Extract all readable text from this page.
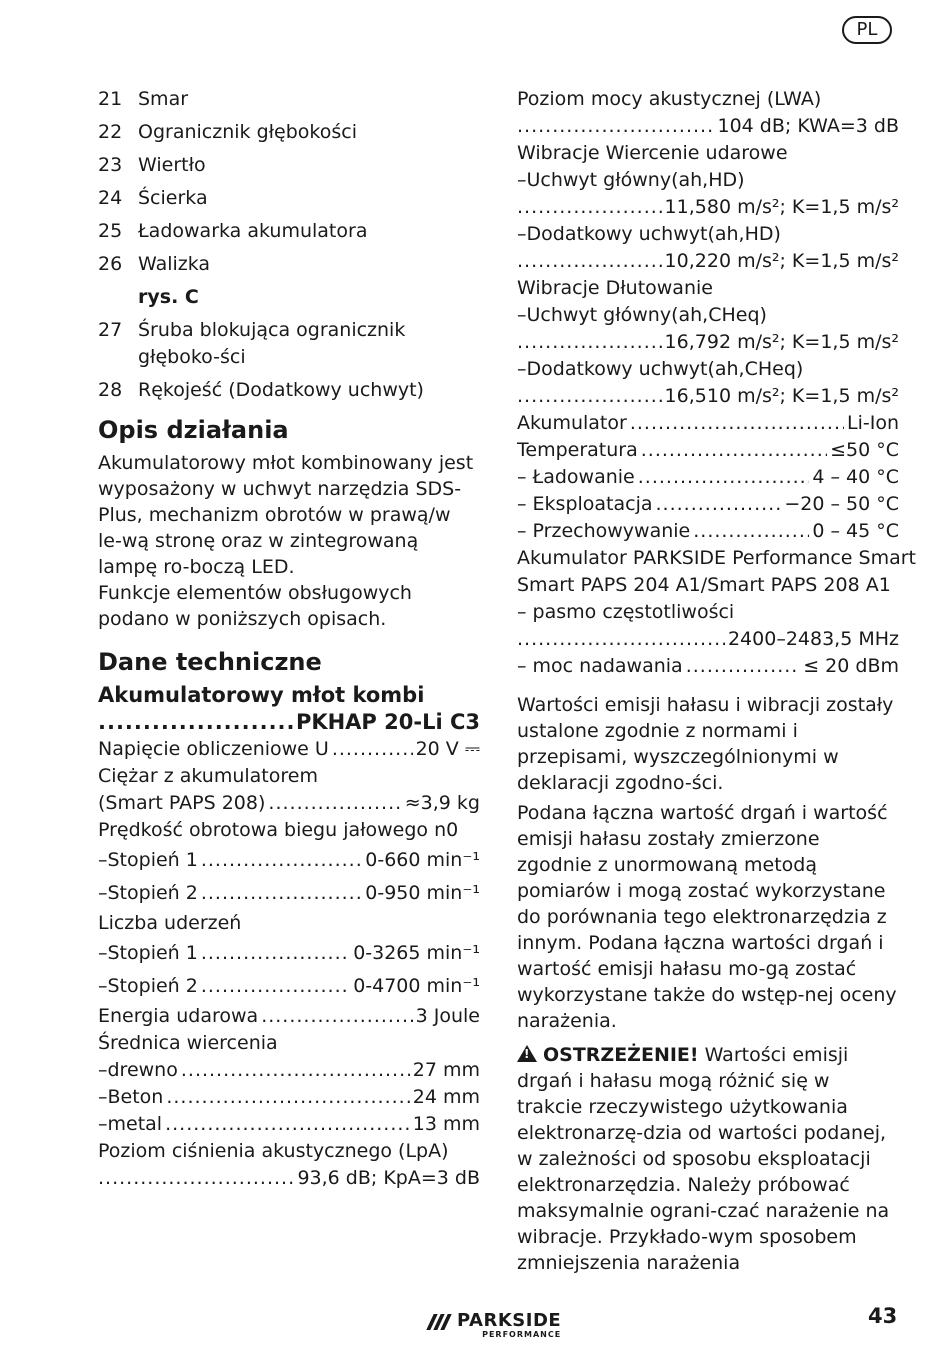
PL
21 Smar
22 Ogranicznik głębokości
23 Wiertło
24 Ścierka
25 Ładowarka akumulatora
26 Walizka
rys. C
27 Śruba blokująca ogranicznik głęboko-ści
28 Rękojeść (Dodatkowy uchwyt)
Opis działania

Akumulatorowy młot kombinowany jest wyposażony w uchwyt narzędzia SDS-Plus, mechanizm obrotów w prawą/w le-wą stronę oraz w zintegrowaną lampę ro-boczą LED.

Funkcje elementów obsługowych podano w poniższych opisach.

Dane techniczne
Akumulatorowy młot kombi
.....
PKHAP 20-Li C3
Napięcie obliczeniowe U .....	20 V ⎓
Ciężar z akumulatorem
(Smart PAPS 208) .....	≈3,9 kg
Prędkość obrotowa biegu jałowego n0
–Stopień 1 .....	0-660 min⁻¹
–Stopień 2 .....	0-950 min⁻¹
Liczba uderzeń
–Stopień 1 .....	0-3265 min⁻¹
–Stopień 2 .....	0-4700 min⁻¹
Energia udarowa .....	3 Joule
Średnica wiercenia
–drewno .....	27 mm
–Beton .....	24 mm
–metal .....	13 mm
Poziom ciśnienia akustycznego (LpA)
.....
93,6 dB; KpA=3 dB
Poziom mocy akustycznej (LWA)
.....
104 dB; KWA=3 dB
Wibracje Wiercenie udarowe
–Uchwyt główny(ah,HD)
.....
11,580 m/s²; K=1,5 m/s²
–Dodatkowy uchwyt(ah,HD)
.....
10,220 m/s²; K=1,5 m/s²
Wibracje Dłutowanie
–Uchwyt główny(ah,CHeq)
.....
16,792 m/s²; K=1,5 m/s²
–Dodatkowy uchwyt(ah,CHeq)
.....
16,510 m/s²; K=1,5 m/s²
Akumulator .....	Li-Ion
Temperatura .....	≤50 °C
– Ładowanie .....	4 – 40 °C
– Eksploatacja .....	−20 – 50 °C
– Przechowywanie .....	0 – 45 °C
Akumulator PARKSIDE Performance Smart
Smart PAPS 204 A1/Smart PAPS 208 A1
– pasmo częstotliwości
.....
2400–2483,5 MHz
– moc nadawania .....	≤ 20 dBm

Wartości emisji hałasu i wibracji zostały ustalone zgodnie z normami i przepisami, wyszczególnionymi w deklaracji zgodno-ści.

Podana łączna wartość drgań i wartość emisji hałasu zostały zmierzone zgodnie z unormowaną metodą pomiarów i mogą zostać wykorzystane do porównania tego elektronarzędzia z innym. Podana łączna wartości drgań i wartość emisji hałasu mo-gą zostać wykorzystane także do wstęp-nej oceny narażenia.

!OSTRZEŻENIE! Wartości emisji drgań i hałasu mogą różnić się w trakcie rzeczywistego użytkowania elektronarzę-dzia od wartości podanej, w zależności od sposobu eksploatacji elektronarzędzia. Należy próbować maksymalnie ograni-czać narażenie na wibracje. Przykłado-wym sposobem zmniejszenia narażenia

PARKSIDE
PERFORMANCE
43
